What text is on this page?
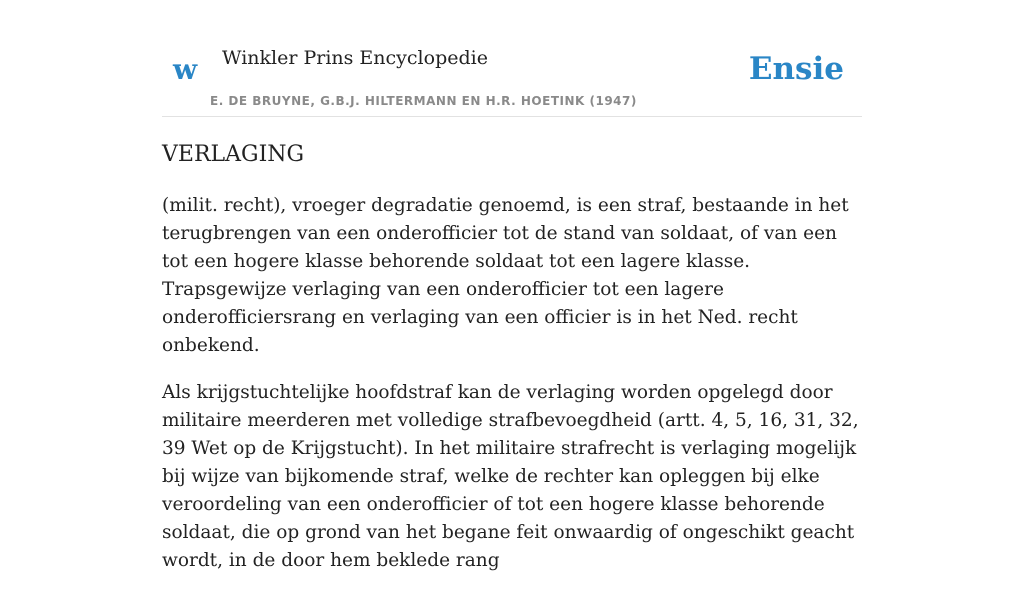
w Winkler Prins Encyclopedie
E. DE BRUYNE, G.B.J. HILTERMANN EN H.R. HOETINK (1947)
Ensie
VERLAGING

(milit. recht), vroeger degradatie genoemd, is een straf, bestaande in het terugbrengen van een onderofficier tot de stand van soldaat, of van een tot een hogere klasse behorende soldaat tot een lagere klasse. Trapsgewijze verlaging van een onderofficier tot een lagere onderofficiersrang en verlaging van een officier is in het Ned. recht onbekend.

Als krijgstuchtelijke hoofdstraf kan de verlaging worden opgelegd door militaire meerderen met volledige strafbevoegdheid (artt. 4, 5, 16, 31, 32, 39 Wet op de Krijgstucht). In het militaire strafrecht is verlaging mogelijk bij wijze van bijkomende straf, welke de rechter kan opleggen bij elke veroordeling van een onderofficier of tot een hogere klasse behorende soldaat, die op grond van het begane feit onwaardig of ongeschikt geacht wordt, in de door hem beklede rang
